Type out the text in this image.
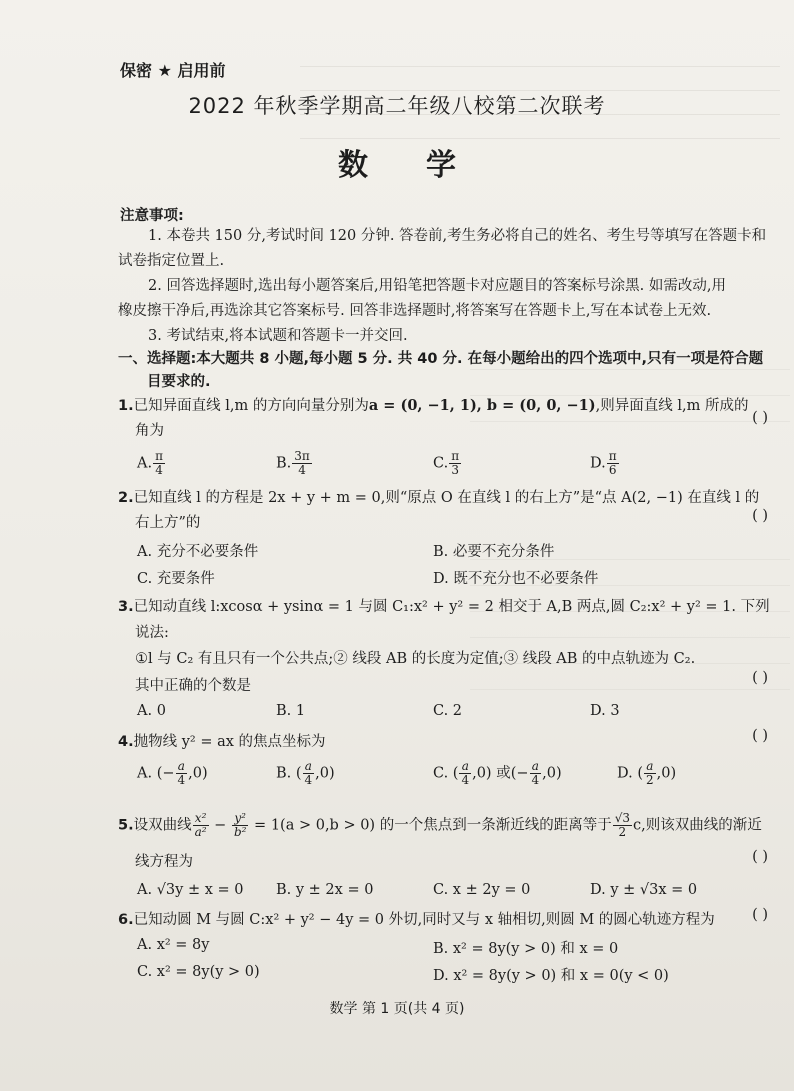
保密 ★ 启用前
2022 年秋季学期高二年级八校第二次联考
数学
注意事项:
1. 本卷共 150 分,考试时间 120 分钟. 答卷前,考生务必将自己的姓名、考生号等填写在答题卡和
试卷指定位置上.
2. 回答选择题时,选出每小题答案后,用铅笔把答题卡对应题目的答案标号涂黑. 如需改动,用
橡皮擦干净后,再选涂其它答案标号. 回答非选择题时,将答案写在答题卡上,写在本试卷上无效.
3. 考试结束,将本试题和答题卡一并交回.
一、选择题:本大题共 8 小题,每小题 5 分. 共 40 分. 在每小题给出的四个选项中,只有一项是符合题
目要求的.
1.已知异面直线 l,m 的方向向量分别为a = (0, −1, 1), b = (0, 0, −1),则异面直线 l,m 所成的
( )
角为
A. $\frac{\pi}{4}$	B. $\frac{3\pi}{4}$	C. $\frac{\pi}{3}$	D. $\frac{\pi}{6}$
2.已知直线 l 的方程是 2x + y + m = 0,则“原点 O 在直线 l 的右上方”是“点 A(2, −1) 在直线 l 的
右上方”的	( )
A. 充分不必要条件	B. 必要不充分条件
C. 充要条件	D. 既不充分也不必要条件
3.已知动直线 l:xcosα + ysinα = 1 与圆 C₁:x² + y² = 2 相交于 A,B 两点,圆 C₂:x² + y² = 1. 下列
说法:
①l 与 C₂ 有且只有一个公共点;② 线段 AB 的长度为定值;③ 线段 AB 的中点轨迹为 C₂.
其中正确的个数是	( )
A. 0	B. 1	C. 2	D. 3
4.抛物线 y² = ax 的焦点坐标为	( )
A. (− $\frac{a}{4} ,0$)	B. ( $\frac{a}{4} ,0$)	C. ( $\frac{a}{4} ,0$) 或(− $\frac{a}{4} ,0$)	D. ( $\frac{a}{2} ,0$)
5.设双曲线 $\frac{\text{x²}}{\text{a²}} - \frac{\text{y²}}{\text{b²}} = 1(a > 0,b > 0)$ 的一个焦点到一条渐近线的距离等于 $\frac{√3}{2} c$,则该双曲线的渐近
线方程为	( )
A. √3y ± x = 0 B. y ± 2x = 0	C. x ± 2y = 0	D. y ± √3x = 0
6.已知动圆 M 与圆 C:x² + y² − 4y = 0 外切,同时又与 x 轴相切,则圆 M 的圆心轨迹方程为	( )
A. x² = 8y	B. x² = 8y(y > 0) 和 x = 0
C. x² = 8y(y > 0)	D. x² = 8y(y > 0) 和 x = 0(y < 0)
数学 第 1 页(共 4 页)
